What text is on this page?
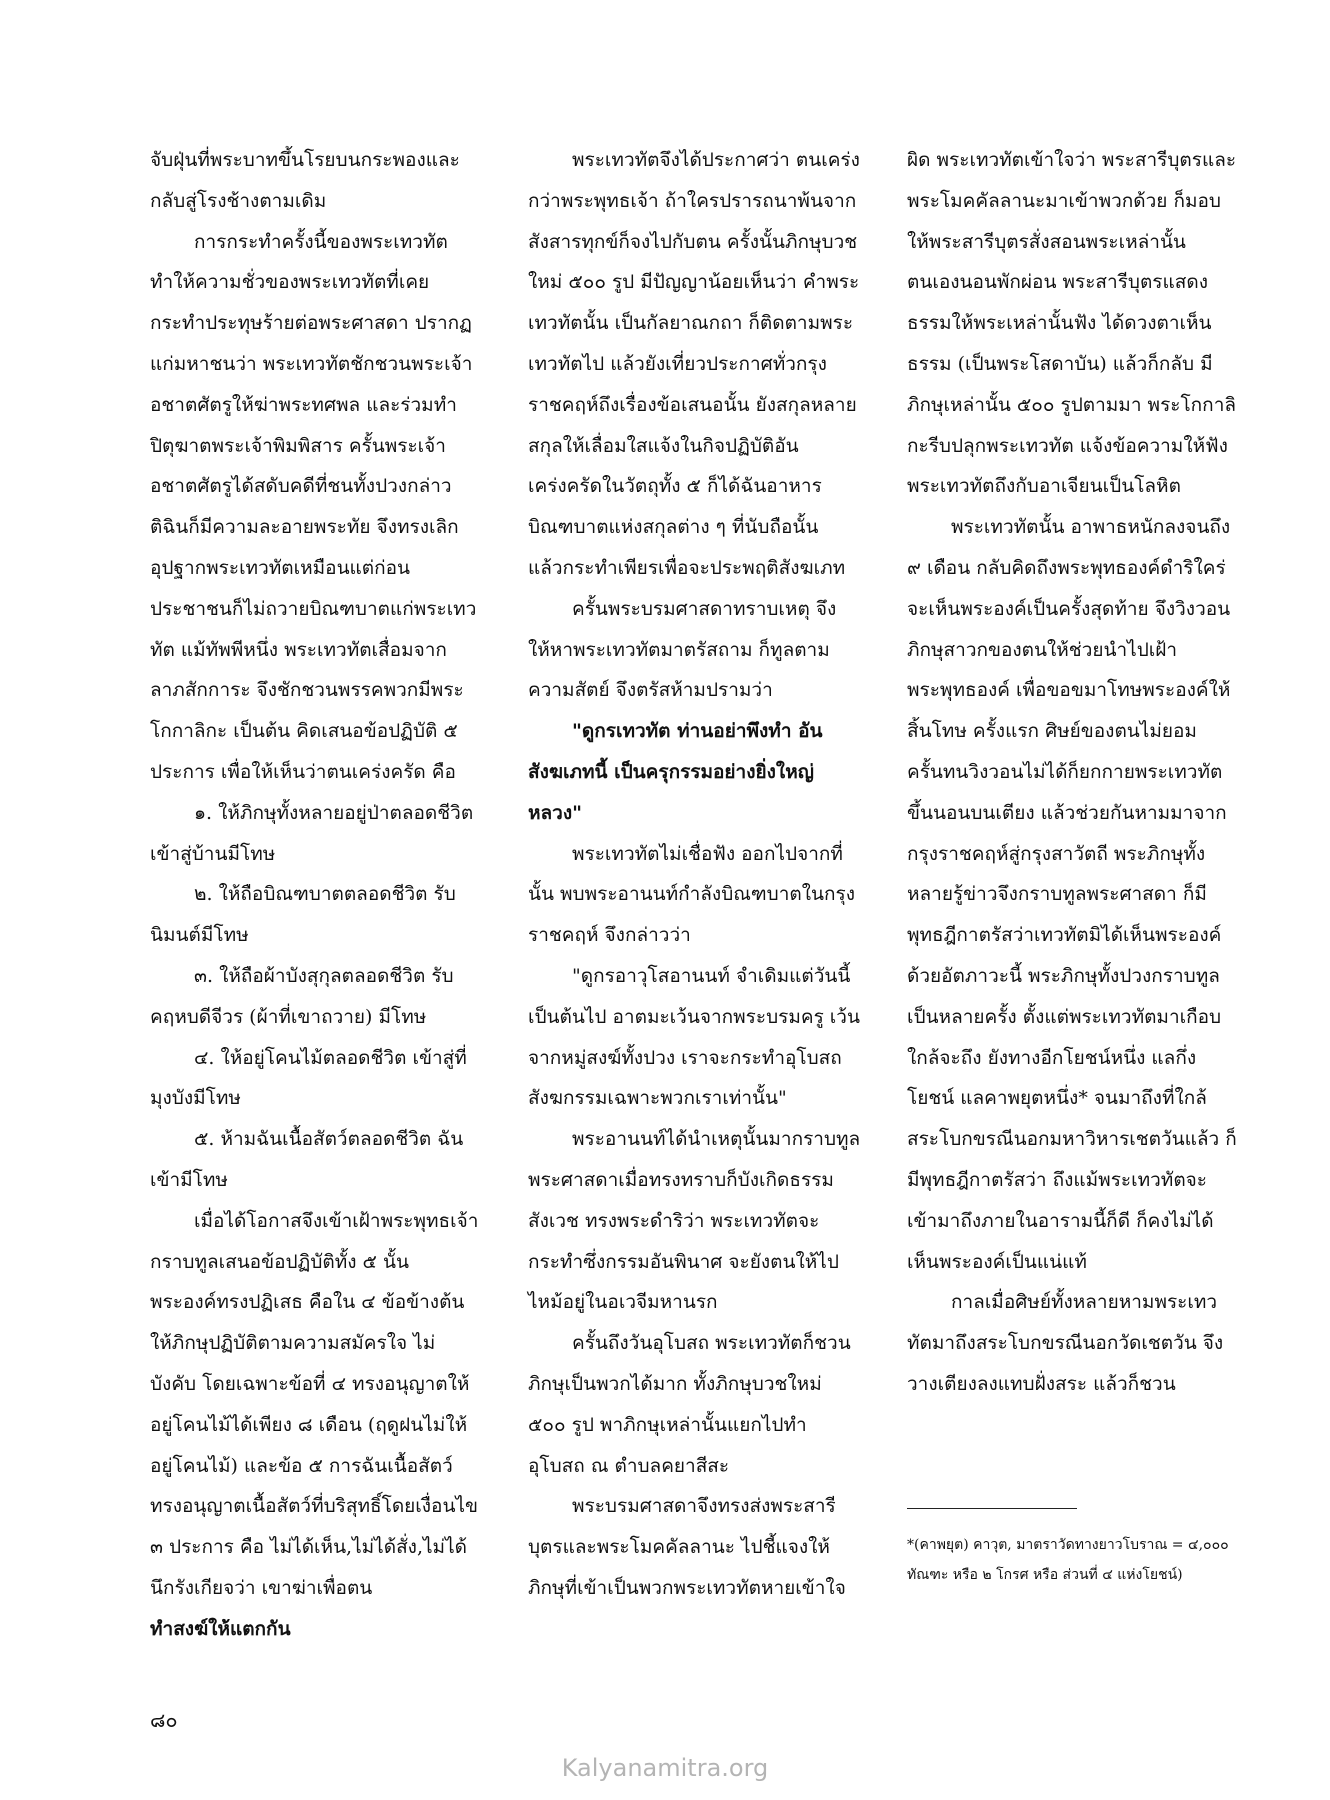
จับฝุ่นที่พระบาทขึ้นโรยบนกระพองและกลับสู่โรงช้างตามเดิม

การกระทำครั้งนี้ของพระเทวทัตทำให้ความชั่วของพระเทวทัตที่เคยกระทำประทุษร้ายต่อพระศาสดา ปรากฏแก่มหาชนว่า พระเทวทัตชักชวนพระเจ้าอชาตศัตรูให้ฆ่าพระทศพล และร่วมทำปิตุฆาตพระเจ้าพิมพิสาร ครั้นพระเจ้าอชาตศัตรูได้สดับคดีที่ชนทั้งปวงกล่าวติฉินก็มีความละอายพระทัย จึงทรงเลิกอุปฐากพระเทวทัตเหมือนแต่ก่อน ประชาชนก็ไม่ถวายบิณฑบาตแก่พระเทวทัต แม้ทัพพีหนึ่ง พระเทวทัตเสื่อมจากลาภสักการะ จึงชักชวนพรรคพวกมีพระโกกาลิกะ เป็นต้น คิดเสนอข้อปฏิบัติ ๕ ประการ เพื่อให้เห็นว่าตนเคร่งครัด คือ

๑. ให้ภิกษุทั้งหลายอยู่ป่าตลอดชีวิต เข้าสู่บ้านมีโทษ

๒. ให้ถือบิณฑบาตตลอดชีวิต รับนิมนต์มีโทษ

๓. ให้ถือผ้าบังสุกุลตลอดชีวิต รับคฤหบดีจีวร (ผ้าที่เขาถวาย) มีโทษ

๔. ให้อยู่โคนไม้ตลอดชีวิต เข้าสู่ที่มุงบังมีโทษ

๕. ห้ามฉันเนื้อสัตว์ตลอดชีวิต ฉันเข้ามีโทษ

เมื่อได้โอกาสจึงเข้าเฝ้าพระพุทธเจ้า กราบทูลเสนอข้อปฏิบัติทั้ง ๕ นั้น พระองค์ทรงปฏิเสธ คือใน ๔ ข้อข้างต้น ให้ภิกษุปฏิบัติตามความสมัครใจ ไม่บังคับ โดยเฉพาะข้อที่ ๔ ทรงอนุญาตให้อยู่โคนไม้ได้เพียง ๘ เดือน (ฤดูฝนไม่ให้อยู่โคนไม้) และข้อ ๕ การฉันเนื้อสัตว์ ทรงอนุญาตเนื้อสัตว์ที่บริสุทธิ์โดยเงื่อนไข ๓ ประการ คือ ไม่ได้เห็น,ไม่ได้สั่ง,ไม่ได้นึกรังเกียจว่า เขาฆ่าเพื่อตน

ทำสงฆ์ให้แตกกัน

พระเทวทัตจึงได้ประกาศว่า ตนเคร่งกว่าพระพุทธเจ้า ถ้าใครปรารถนาพ้นจากสังสารทุกข์ก็จงไปกับตน ครั้งนั้นภิกษุบวชใหม่ ๕๐๐ รูป มีปัญญาน้อยเห็นว่า คำพระเทวทัตนั้น เป็นกัลยาณกถา ก็ติดตามพระเทวทัตไป แล้วยังเที่ยวประกาศทั่วกรุงราชคฤห์ถึงเรื่องข้อเสนอนั้น ยังสกุลหลายสกุลให้เลื่อมใสแจ้งในกิจปฏิบัติอันเคร่งครัดในวัตถุทั้ง ๕ ก็ได้ฉันอาหารบิณฑบาตแห่งสกุลต่าง ๆ ที่นับถือนั้น แล้วกระทำเพียรเพื่อจะประพฤติสังฆเภท

ครั้นพระบรมศาสดาทราบเหตุ จึงให้หาพระเทวทัตมาตรัสถาม ก็ทูลตามความสัตย์ จึงตรัสห้ามปรามว่า

"ดูกรเทวทัต ท่านอย่าพึงทำ อันสังฆเภทนี้ เป็นครุกรรมอย่างยิ่งใหญ่หลวง"

พระเทวทัตไม่เชื่อฟัง ออกไปจากที่นั้น พบพระอานนท์กำลังบิณฑบาตในกรุงราชคฤห์ จึงกล่าวว่า

"ดูกรอาวุโสอานนท์ จำเดิมแต่วันนี้เป็นต้นไป อาตมะเว้นจากพระบรมครู เว้นจากหมู่สงฆ์ทั้งปวง เราจะกระทำอุโบสถสังฆกรรมเฉพาะพวกเราเท่านั้น"

พระอานนท์ได้นำเหตุนั้นมากราบทูล พระศาสดาเมื่อทรงทราบก็บังเกิดธรรมสังเวช ทรงพระดำริว่า พระเทวทัตจะกระทำซึ่งกรรมอันพินาศ จะยังตนให้ไปไหม้อยู่ในอเวจีมหานรก

ครั้นถึงวันอุโบสถ พระเทวทัตก็ชวนภิกษุเป็นพวกได้มาก ทั้งภิกษุบวชใหม่ ๕๐๐ รูป พาภิกษุเหล่านั้นแยกไปทำอุโบสถ ณ ตำบลคยาสีสะ

พระบรมศาสดาจึงทรงส่งพระสารีบุตรและพระโมคคัลลานะ ไปชี้แจงให้ภิกษุที่เข้าเป็นพวกพระเทวทัตหายเข้าใจ

ผิด พระเทวทัตเข้าใจว่า พระสารีบุตรและพระโมคคัลลานะมาเข้าพวกด้วย ก็มอบให้พระสารีบุตรสั่งสอนพระเหล่านั้น ตนเองนอนพักผ่อน พระสารีบุตรแสดงธรรมให้พระเหล่านั้นฟัง ได้ดวงตาเห็นธรรม (เป็นพระโสดาบัน) แล้วก็กลับ มีภิกษุเหล่านั้น ๕๐๐ รูปตามมา พระโกกาลิกะรีบปลุกพระเทวทัต แจ้งข้อความให้ฟัง พระเทวทัตถึงกับอาเจียนเป็นโลหิต

พระเทวทัตนั้น อาพาธหนักลงจนถึง ๙ เดือน กลับคิดถึงพระพุทธองค์ดำริใคร่จะเห็นพระองค์เป็นครั้งสุดท้าย จึงวิงวอนภิกษุสาวกของตนให้ช่วยนำไปเฝ้าพระพุทธองค์ เพื่อขอขมาโทษพระองค์ให้สิ้นโทษ ครั้งแรก ศิษย์ของตนไม่ยอม ครั้นทนวิงวอนไม่ได้ก็ยกกายพระเทวทัตขึ้นนอนบนเตียง แล้วช่วยกันหามมาจากกรุงราชคฤห์สู่กรุงสาวัตถี พระภิกษุทั้งหลายรู้ข่าวจึงกราบทูลพระศาสดา ก็มีพุทธฎีกาตรัสว่าเทวทัตมิได้เห็นพระองค์ด้วยอัตภาวะนี้ พระภิกษุทั้งปวงกราบทูลเป็นหลายครั้ง ตั้งแต่พระเทวทัตมาเกือบใกล้จะถึง ยังทางอีกโยชน์หนึ่ง แลกึ่งโยชน์ แลคาพยุตหนึ่ง* จนมาถึงที่ใกล้สระโบกขรณีนอกมหาวิหารเชตวันแล้ว ก็มีพุทธฎีกาตรัสว่า ถึงแม้พระเทวทัตจะเข้ามาถึงภายในอารามนี้ก็ดี ก็คงไม่ได้เห็นพระองค์เป็นแน่แท้

กาลเมื่อศิษย์ทั้งหลายหามพระเทวทัตมาถึงสระโบกขรณีนอกวัดเชตวัน จึงวางเตียงลงแทบฝั่งสระ แล้วก็ชวน

*(คาพยุต) คาวุต, มาตราวัดทางยาวโบราณ = ๔,๐๐๐ ทัณฑะ หรือ ๒ โกรศ หรือ ส่วนที่ ๔ แห่งโยชน์)

๘๐
Kalyanamitra.org
